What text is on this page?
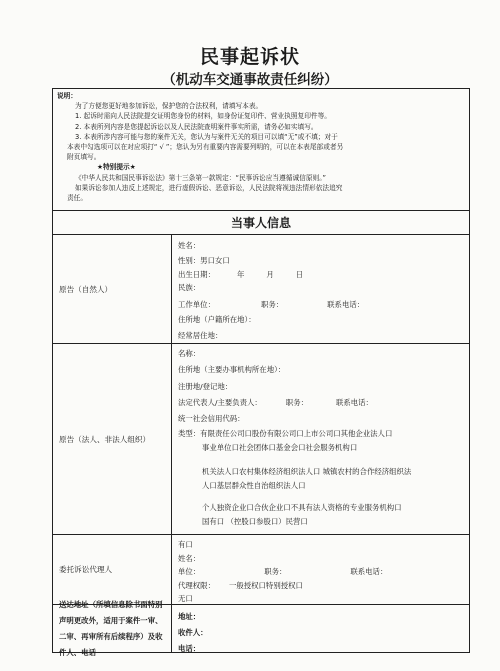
民事起诉状
（机动车交通事故责任纠纷）
说明：
为了方便您更好地参加诉讼，保护您的合法权利，请填写本表。
1. 起诉时需向人民法院提交证明您身份的材料，如身份证复印件、营业执照复印件等。
2. 本表所列内容是您提起诉讼以及人民法院查明案件事实所需，请务必如实填写。
3. 本表所涉内容可能与您的案件无关，您认为与案件无关的项目可以填“无”或不填；对于
本表中勾选项可以在对应项打“ √ ”；您认为另有重要内容需要列明的，可以在本表尾部或者另
附页填写。
★特别提示★
《中华人民共和国民事诉讼法》第十三条第一款规定：“民事诉讼应当遵循诚信原则。”
如果诉讼参加人违反上述规定，进行虚假诉讼、恶意诉讼，人民法院将视违法情形依法追究
责任。
当事人信息
原告（自然人）
姓名：
性别：男口女口
出生日期：	年	月	日
民族：
工作单位：	职务：	联系电话：
住所地（户籍所在地）：
经常居住地：
原告（法人、非法人组织）
名称：
住所地（主要办事机构所在地）：
注册地/登记地：
法定代表人/主要负责人：	职务：	联系电话：
统一社会信用代码：
类型：有限责任公司口股份有限公司口上市公司口其他企业法人口
事业单位口社会团体口基金会口社会服务机构口
机关法人口农村集体经济组织法人口 城镇农村的合作经济组织法
人口基层群众性自治组织法人口
个人独资企业口合伙企业口不具有法人资格的专业服务机构口
国有口 （控股口参股口）民营口
委托诉讼代理人
有口
姓名：
单位：	职务：	联系电话：
代理权限： 一般授权口特别授权口
无口
送达地址（所填信息除书面特别
声明更改外，适用于案件一审、
二审、再审所有后续程序）及收
件人、电话
地址：
收件人：
电话：
